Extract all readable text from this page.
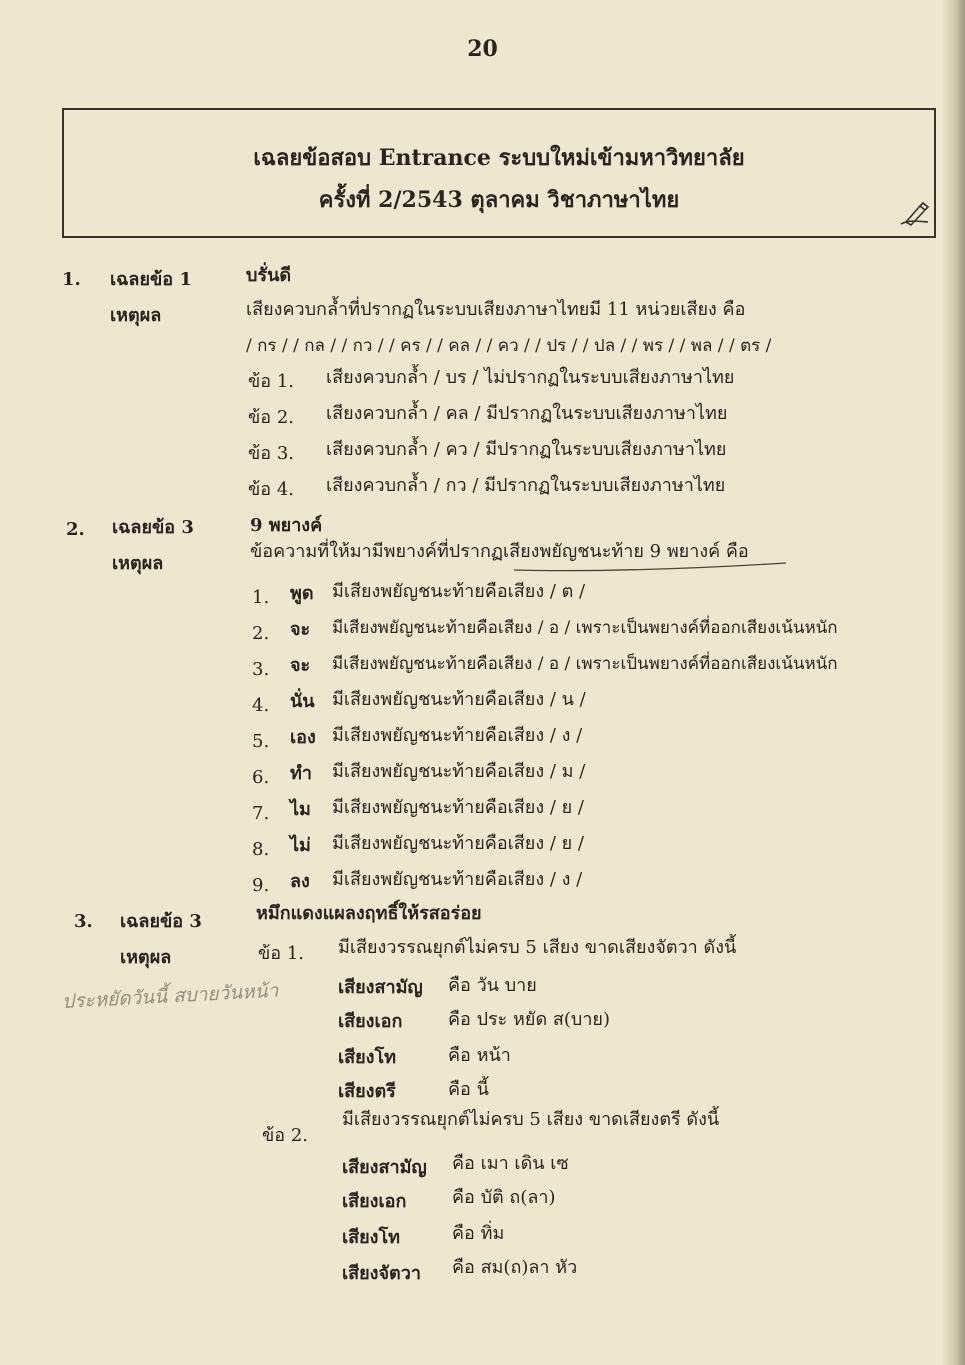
20
เฉลยข้อสอบ Entrance ระบบใหม่เข้ามหาวิทยาลัย
ครั้งที่ 2/2543 ตุลาคม วิชาภาษาไทย
1. เฉลยข้อ 1	บรั่นดี
เหตุผล	เสียงควบกล้ำที่ปรากฏในระบบเสียงภาษาไทยมี 11 หน่วยเสียง คือ
/ กร / / กล / / กว / / คร / / คล / / คว / / ปร / / ปล / / พร / / พล / / ตร /
ข้อ 1. เสียงควบกล้ำ / บร / ไม่ปรากฏในระบบเสียงภาษาไทย
ข้อ 2. เสียงควบกล้ำ / คล / มีปรากฏในระบบเสียงภาษาไทย
ข้อ 3. เสียงควบกล้ำ / คว / มีปรากฏในระบบเสียงภาษาไทย
ข้อ 4. เสียงควบกล้ำ / กว / มีปรากฏในระบบเสียงภาษาไทย
2. เฉลยข้อ 3	9 พยางค์
เหตุผล
ข้อความที่ให้มามีพยางค์ที่ปรากฏเสียงพยัญชนะท้าย 9 พยางค์ คือ
1. พูด มีเสียงพยัญชนะท้ายคือเสียง / ต /
2. จะ มีเสียงพยัญชนะท้ายคือเสียง / อ / เพราะเป็นพยางค์ที่ออกเสียงเน้นหนัก
3. จะ มีเสียงพยัญชนะท้ายคือเสียง / อ / เพราะเป็นพยางค์ที่ออกเสียงเน้นหนัก
4. นั่น มีเสียงพยัญชนะท้ายคือเสียง / น /
5. เอง มีเสียงพยัญชนะท้ายคือเสียง / ง /
6. ทำ มีเสียงพยัญชนะท้ายคือเสียง / ม /
7. ไม มีเสียงพยัญชนะท้ายคือเสียง / ย /
8. ไม่ มีเสียงพยัญชนะท้ายคือเสียง / ย /
9. ลง มีเสียงพยัญชนะท้ายคือเสียง / ง /
3. เฉลยข้อ 3	หมึกแดงแผลงฤทธิ์ให้รสอร่อย
เหตุผล
ประหยัดวันนี้ สบายวันหน้า
ข้อ 1. มีเสียงวรรณยุกต์ไม่ครบ 5 เสียง ขาดเสียงจัตวา ดังนี้
เสียงสามัญ คือ วัน บาย
เสียงเอก	คือ ประ หยัด ส(บาย)
เสียงโท	คือ หน้า
เสียงตรี	คือ นี้
ข้อ 2.
มีเสียงวรรณยุกต์ไม่ครบ 5 เสียง ขาดเสียงตรี ดังนี้
เสียงสามัญ คือ เมา เดิน เซ
เสียงเอก	คือ บัติ ถ(ลา)
เสียงโท	คือ ทิ่ม
เสียงจัตวา คือ สม(ถ)ลา หัว
